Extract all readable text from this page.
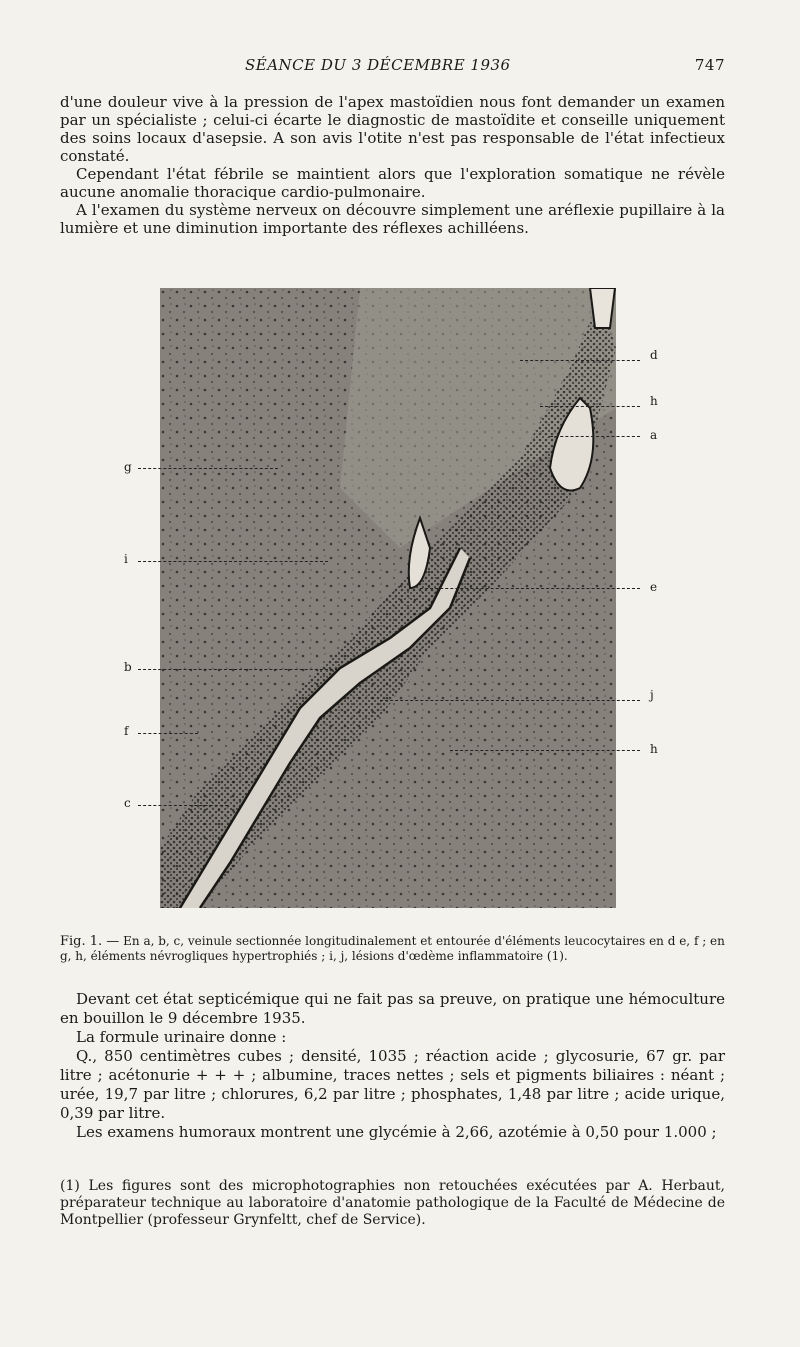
SÉANCE DU 3 DÉCEMBRE 1936	747

d'une douleur vive à la pression de l'apex mastoïdien nous font demander un examen par un spécialiste ; celui-ci écarte le diagnostic de mastoïdite et conseille uniquement des soins locaux d'asepsie. A son avis l'otite n'est pas responsable de l'état infectieux constaté.

Cependant l'état fébrile se maintient alors que l'exploration somatique ne révèle aucune anomalie thoracique cardio-pulmonaire.

A l'examen du système nerveux on découvre simplement une aréflexie pupillaire à la lumière et une diminution importante des réflexes achilléens.

g
i
b
f
c
d
h
a
e
j
h

Fig. 1. — En a, b, c, veinule sectionnée longitudinalement et entourée d'éléments leucocytaires en d e, f ; en g, h, éléments névrogliques hypertrophiés ; i, j, lésions d'œdème inflammatoire (1).

Devant cet état septicémique qui ne fait pas sa preuve, on pratique une hémoculture en bouillon le 9 décembre 1935.

La formule urinaire donne :

Q., 850 centimètres cubes ; densité, 1035 ; réaction acide ; glycosurie, 67 gr. par litre ; acétonurie + + + ; albumine, traces nettes ; sels et pigments biliaires : néant ; urée, 19,7 par litre ; chlorures, 6,2 par litre ; phosphates, 1,48 par litre ; acide urique, 0,39 par litre.

Les examens humoraux montrent une glycémie à 2,66, azotémie à 0,50 pour 1.000 ;

(1) Les figures sont des microphotographies non retouchées exécutées par A. Herbaut, préparateur technique au laboratoire d'anatomie pathologique de la Faculté de Médecine de Montpellier (professeur Grynfeltt, chef de Service).
